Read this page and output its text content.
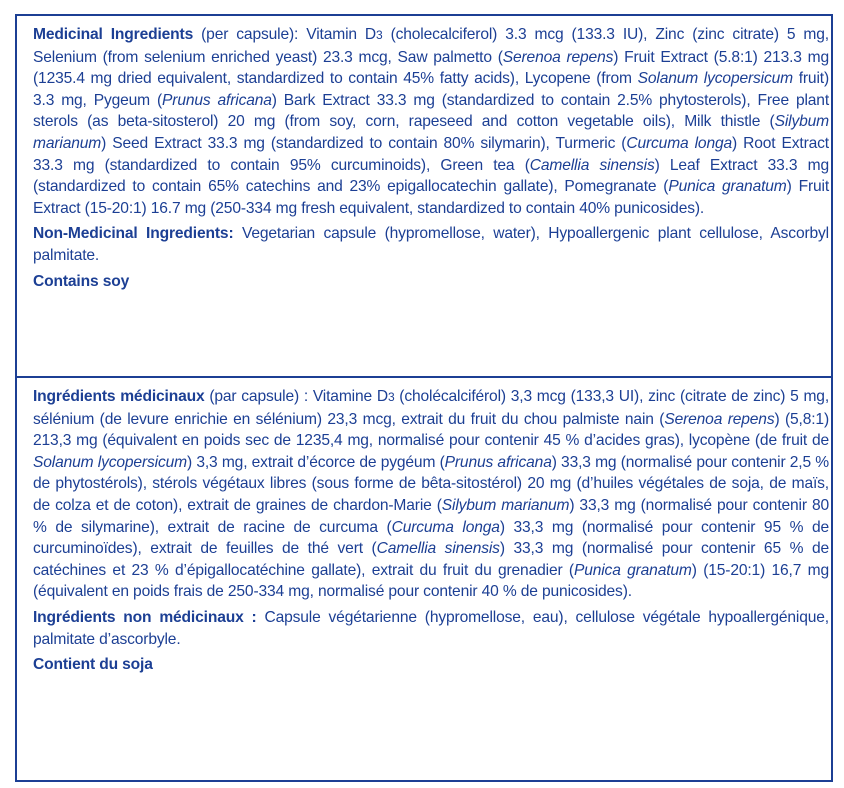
Medicinal Ingredients (per capsule): Vitamin D3 (cholecalciferol) 3.3 mcg (133.3 IU), Zinc (zinc citrate) 5 mg, Selenium (from selenium enriched yeast) 23.3 mcg, Saw palmetto (Serenoa repens) Fruit Extract (5.8:1) 213.3 mg (1235.4 mg dried equivalent, standardized to contain 45% fatty acids), Lycopene (from Solanum lycopersicum fruit) 3.3 mg, Pygeum (Prunus africana) Bark Extract 33.3 mg (standardized to contain 2.5% phytosterols), Free plant sterols (as beta-sitosterol) 20 mg (from soy, corn, rapeseed and cotton vegetable oils), Milk thistle (Silybum marianum) Seed Extract 33.3 mg (standardized to contain 80% silymarin), Turmeric (Curcuma longa) Root Extract 33.3 mg (standardized to contain 95% curcuminoids), Green tea (Camellia sinensis) Leaf Extract 33.3 mg (standardized to contain 65% catechins and 23% epigallocatechin gallate), Pomegranate (Punica granatum) Fruit Extract (15-20:1) 16.7 mg (250-334 mg fresh equivalent, standardized to contain 40% punicosides).

Non-Medicinal Ingredients: Vegetarian capsule (hypromellose, water), Hypoallergenic plant cellulose, Ascorbyl palmitate.

Contains soy

Ingrédients médicinaux (par capsule) : Vitamine D3 (cholécalciférol) 3,3 mcg (133,3 UI), zinc (citrate de zinc) 5 mg, sélénium (de levure enrichie en sélénium) 23,3 mcg, extrait du fruit du chou palmiste nain (Serenoa repens) (5,8:1) 213,3 mg (équivalent en poids sec de 1235,4 mg, normalisé pour contenir 45 % d’acides gras), lycopène (de fruit de Solanum lycopersicum) 3,3 mg, extrait d’écorce de pygéum (Prunus africana) 33,3 mg (normalisé pour contenir 2,5 % de phytostérols), stérols végétaux libres (sous forme de bêta-sitostérol) 20 mg (d’huiles végétales de soja, de maïs, de colza et de coton), extrait de graines de chardon-Marie (Silybum marianum) 33,3 mg (normalisé pour contenir 80 % de silymarine), extrait de racine de curcuma (Curcuma longa) 33,3 mg (normalisé pour contenir 95 % de curcuminoïdes), extrait de feuilles de thé vert (Camellia sinensis) 33,3 mg (normalisé pour contenir 65 % de catéchines et 23 % d’épigallocatéchine gallate), extrait du fruit du grenadier (Punica granatum) (15-20:1) 16,7 mg (équivalent en poids frais de 250-334 mg, normalisé pour contenir 40 % de punicosides).

Ingrédients non médicinaux : Capsule végétarienne (hypromellose, eau), cellulose végétale hypoallergénique, palmitate d’ascorbyle.

Contient du soja
